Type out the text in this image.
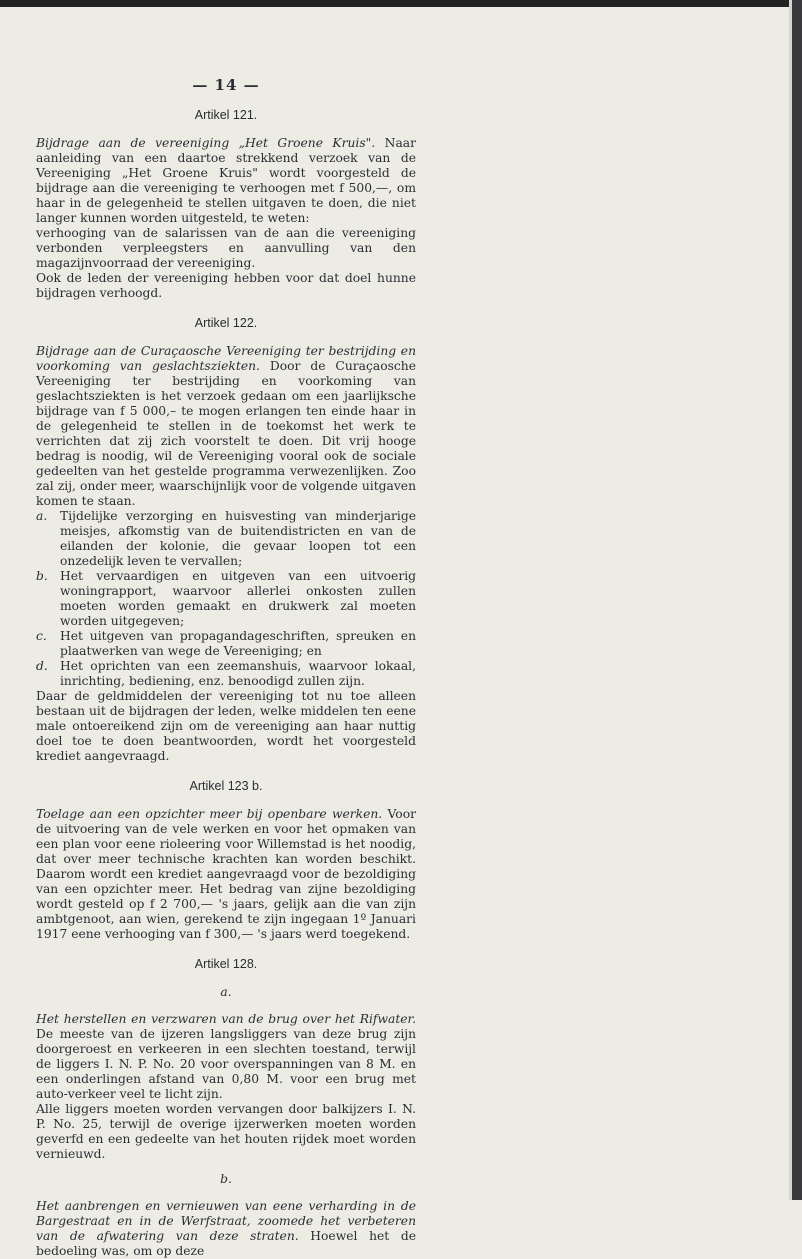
— 14 —
Artikel 121.

Bijdrage aan de vereeniging „Het Groene Kruis". Naar aanleiding van een daartoe strekkend verzoek van de Vereeniging „Het Groene Kruis" wordt voorgesteld de bijdrage aan die vereeniging te verhoogen met f 500,—, om haar in de gelegenheid te stellen uitgaven te doen, die niet langer kunnen worden uitgesteld, te weten:

verhooging van de salarissen van de aan die vereeniging verbonden verpleegsters en aanvulling van den magazijnvoorraad der vereeniging.

Ook de leden der vereeniging hebben voor dat doel hunne bijdragen verhoogd.

Artikel 122.

Bijdrage aan de Curaçaosche Vereeniging ter bestrijding en voorkoming van geslachtsziekten. Door de Curaçaosche Vereeniging ter bestrijding en voorkoming van geslachtsziekten is het verzoek gedaan om een jaarlijksche bijdrage van f 5 000,– te mogen erlangen ten einde haar in de gelegenheid te stellen in de toekomst het werk te verrichten dat zij zich voorstelt te doen. Dit vrij hooge bedrag is noodig, wil de Vereeniging vooral ook de sociale gedeelten van het gestelde programma verwezenlijken. Zoo zal zij, onder meer, waarschijnlijk voor de volgende uitgaven komen te staan.

a.	Tijdelijke verzorging en huisvesting van minderjarige meisjes, afkomstig van de buitendistricten en van de eilanden der kolonie, die gevaar loopen tot een onzedelijk leven te vervallen;
b. Het vervaardigen en uitgeven van een uitvoerig woningrapport, waarvoor allerlei onkosten zullen moeten worden gemaakt en drukwerk zal moeten worden uitgegeven;
c.	Het uitgeven van propagandageschriften, spreuken en plaatwerken van wege de Vereeniging; en
d. Het oprichten van een zeemanshuis, waarvoor lokaal, inrichting, bediening, enz. benoodigd zullen zijn.

Daar de geldmiddelen der vereeniging tot nu toe alleen bestaan uit de bijdragen der leden, welke middelen ten eene male ontoereikend zijn om de vereeniging aan haar nuttig doel toe te doen beantwoorden, wordt het voorgesteld krediet aangevraagd.

Artikel 123 b.

Toelage aan een opzichter meer bij openbare werken. Voor de uitvoering van de vele werken en voor het opmaken van een plan voor eene rioleering voor Willemstad is het noodig, dat over meer technische krachten kan worden beschikt. Daarom wordt een krediet aangevraagd voor de bezoldiging van een opzichter meer. Het bedrag van zijne bezoldiging wordt gesteld op f 2 700,— 's jaars, gelijk aan die van zijn ambtgenoot, aan wien, gerekend te zijn ingegaan 1º Januari 1917 eene verhooging van f 300,— 's jaars werd toegekend.

Artikel 128.
a.

Het herstellen en verzwaren van de brug over het Rifwater. De meeste van de ijzeren langsliggers van deze brug zijn doorgeroest en verkeeren in een slechten toestand, terwijl de liggers I. N. P. No. 20 voor overspanningen van 8 M. en een onderlingen afstand van 0,80 M. voor een brug met auto-verkeer veel te licht zijn.

Alle liggers moeten worden vervangen door balkijzers I. N. P. No. 25, terwijl de overige ijzerwerken moeten worden geverfd en een gedeelte van het houten rijdek moet worden vernieuwd.

b.

Het aanbrengen en vernieuwen van eene verharding in de Bargestraat en in de Werfstraat, zoomede het verbeteren van de afwatering van deze straten. Hoewel het de bedoeling was, om op deze
